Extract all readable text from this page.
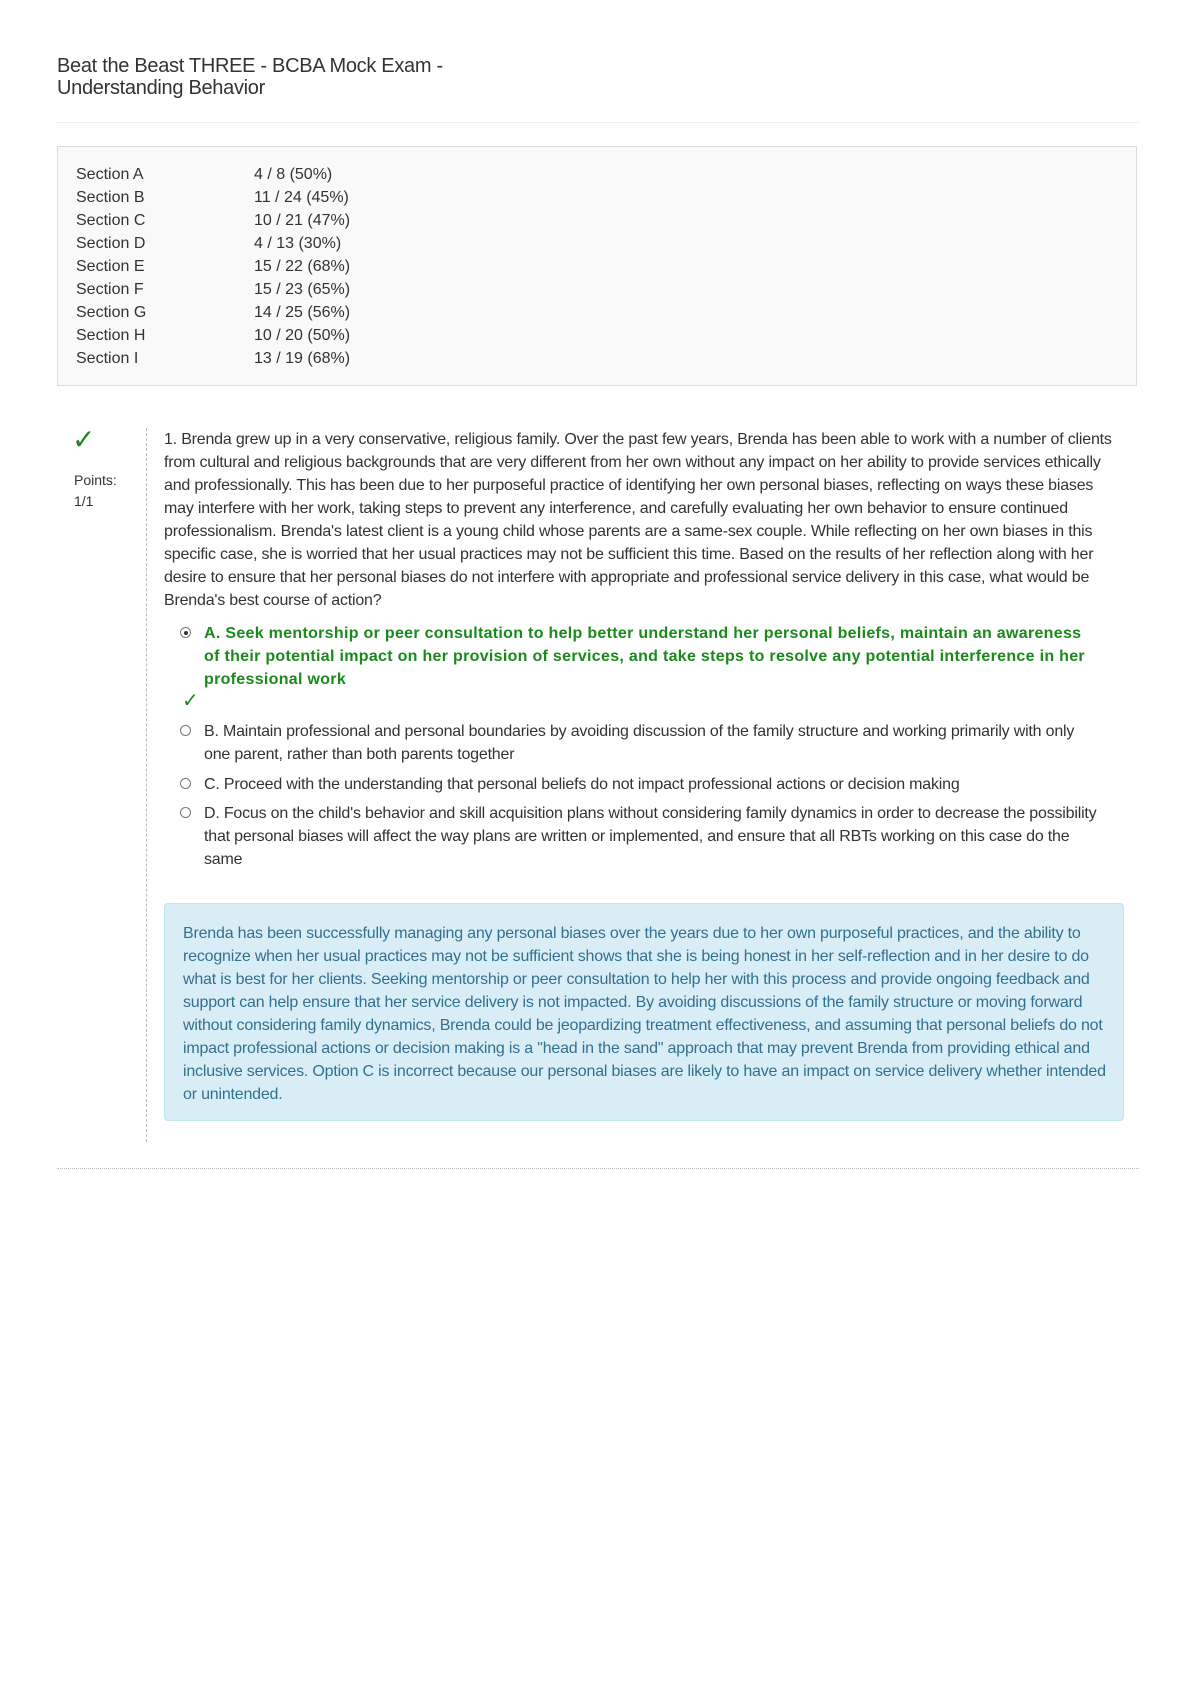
Beat the Beast THREE - BCBA Mock Exam - Understanding Behavior
Section A	4 / 8 (50%)
Section B	11 / 24 (45%)
Section C	10 / 21 (47%)
Section D	4 / 13 (30%)
Section E	15 / 22 (68%)
Section F	15 / 23 (65%)
Section G	14 / 25 (56%)
Section H	10 / 20 (50%)
Section I	13 / 19 (68%)
✓
Points:
1/1
1. Brenda grew up in a very conservative, religious family. Over the past few years, Brenda has been able to work with a number of clients from cultural and religious backgrounds that are very different from her own without any impact on her ability to provide services ethically and professionally. This has been due to her purposeful practice of identifying her own personal biases, reflecting on ways these biases may interfere with her work, taking steps to prevent any interference, and carefully evaluating her own behavior to ensure continued professionalism. Brenda's latest client is a young child whose parents are a same-sex couple. While reflecting on her own biases in this specific case, she is worried that her usual practices may not be sufficient this time. Based on the results of her reflection along with her desire to ensure that her personal biases do not interfere with appropriate and professional service delivery in this case, what would be Brenda's best course of action?
A. Seek mentorship or peer consultation to help better understand her personal beliefs, maintain an awareness of their potential impact on her provision of services, and take steps to resolve any potential interference in her professional work
✓
B. Maintain professional and personal boundaries by avoiding discussion of the family structure and working primarily with only one parent, rather than both parents together
C. Proceed with the understanding that personal beliefs do not impact professional actions or decision making
D. Focus on the child's behavior and skill acquisition plans without considering family dynamics in order to decrease the possibility that personal biases will affect the way plans are written or implemented, and ensure that all RBTs working on this case do the same
Brenda has been successfully managing any personal biases over the years due to her own purposeful practices, and the ability to recognize when her usual practices may not be sufficient shows that she is being honest in her self-reflection and in her desire to do what is best for her clients. Seeking mentorship or peer consultation to help her with this process and provide ongoing feedback and support can help ensure that her service delivery is not impacted. By avoiding discussions of the family structure or moving forward without considering family dynamics, Brenda could be jeopardizing treatment effectiveness, and assuming that personal beliefs do not impact professional actions or decision making is a "head in the sand" approach that may prevent Brenda from providing ethical and inclusive services. Option C is incorrect because our personal biases are likely to have an impact on service delivery whether intended or unintended.
